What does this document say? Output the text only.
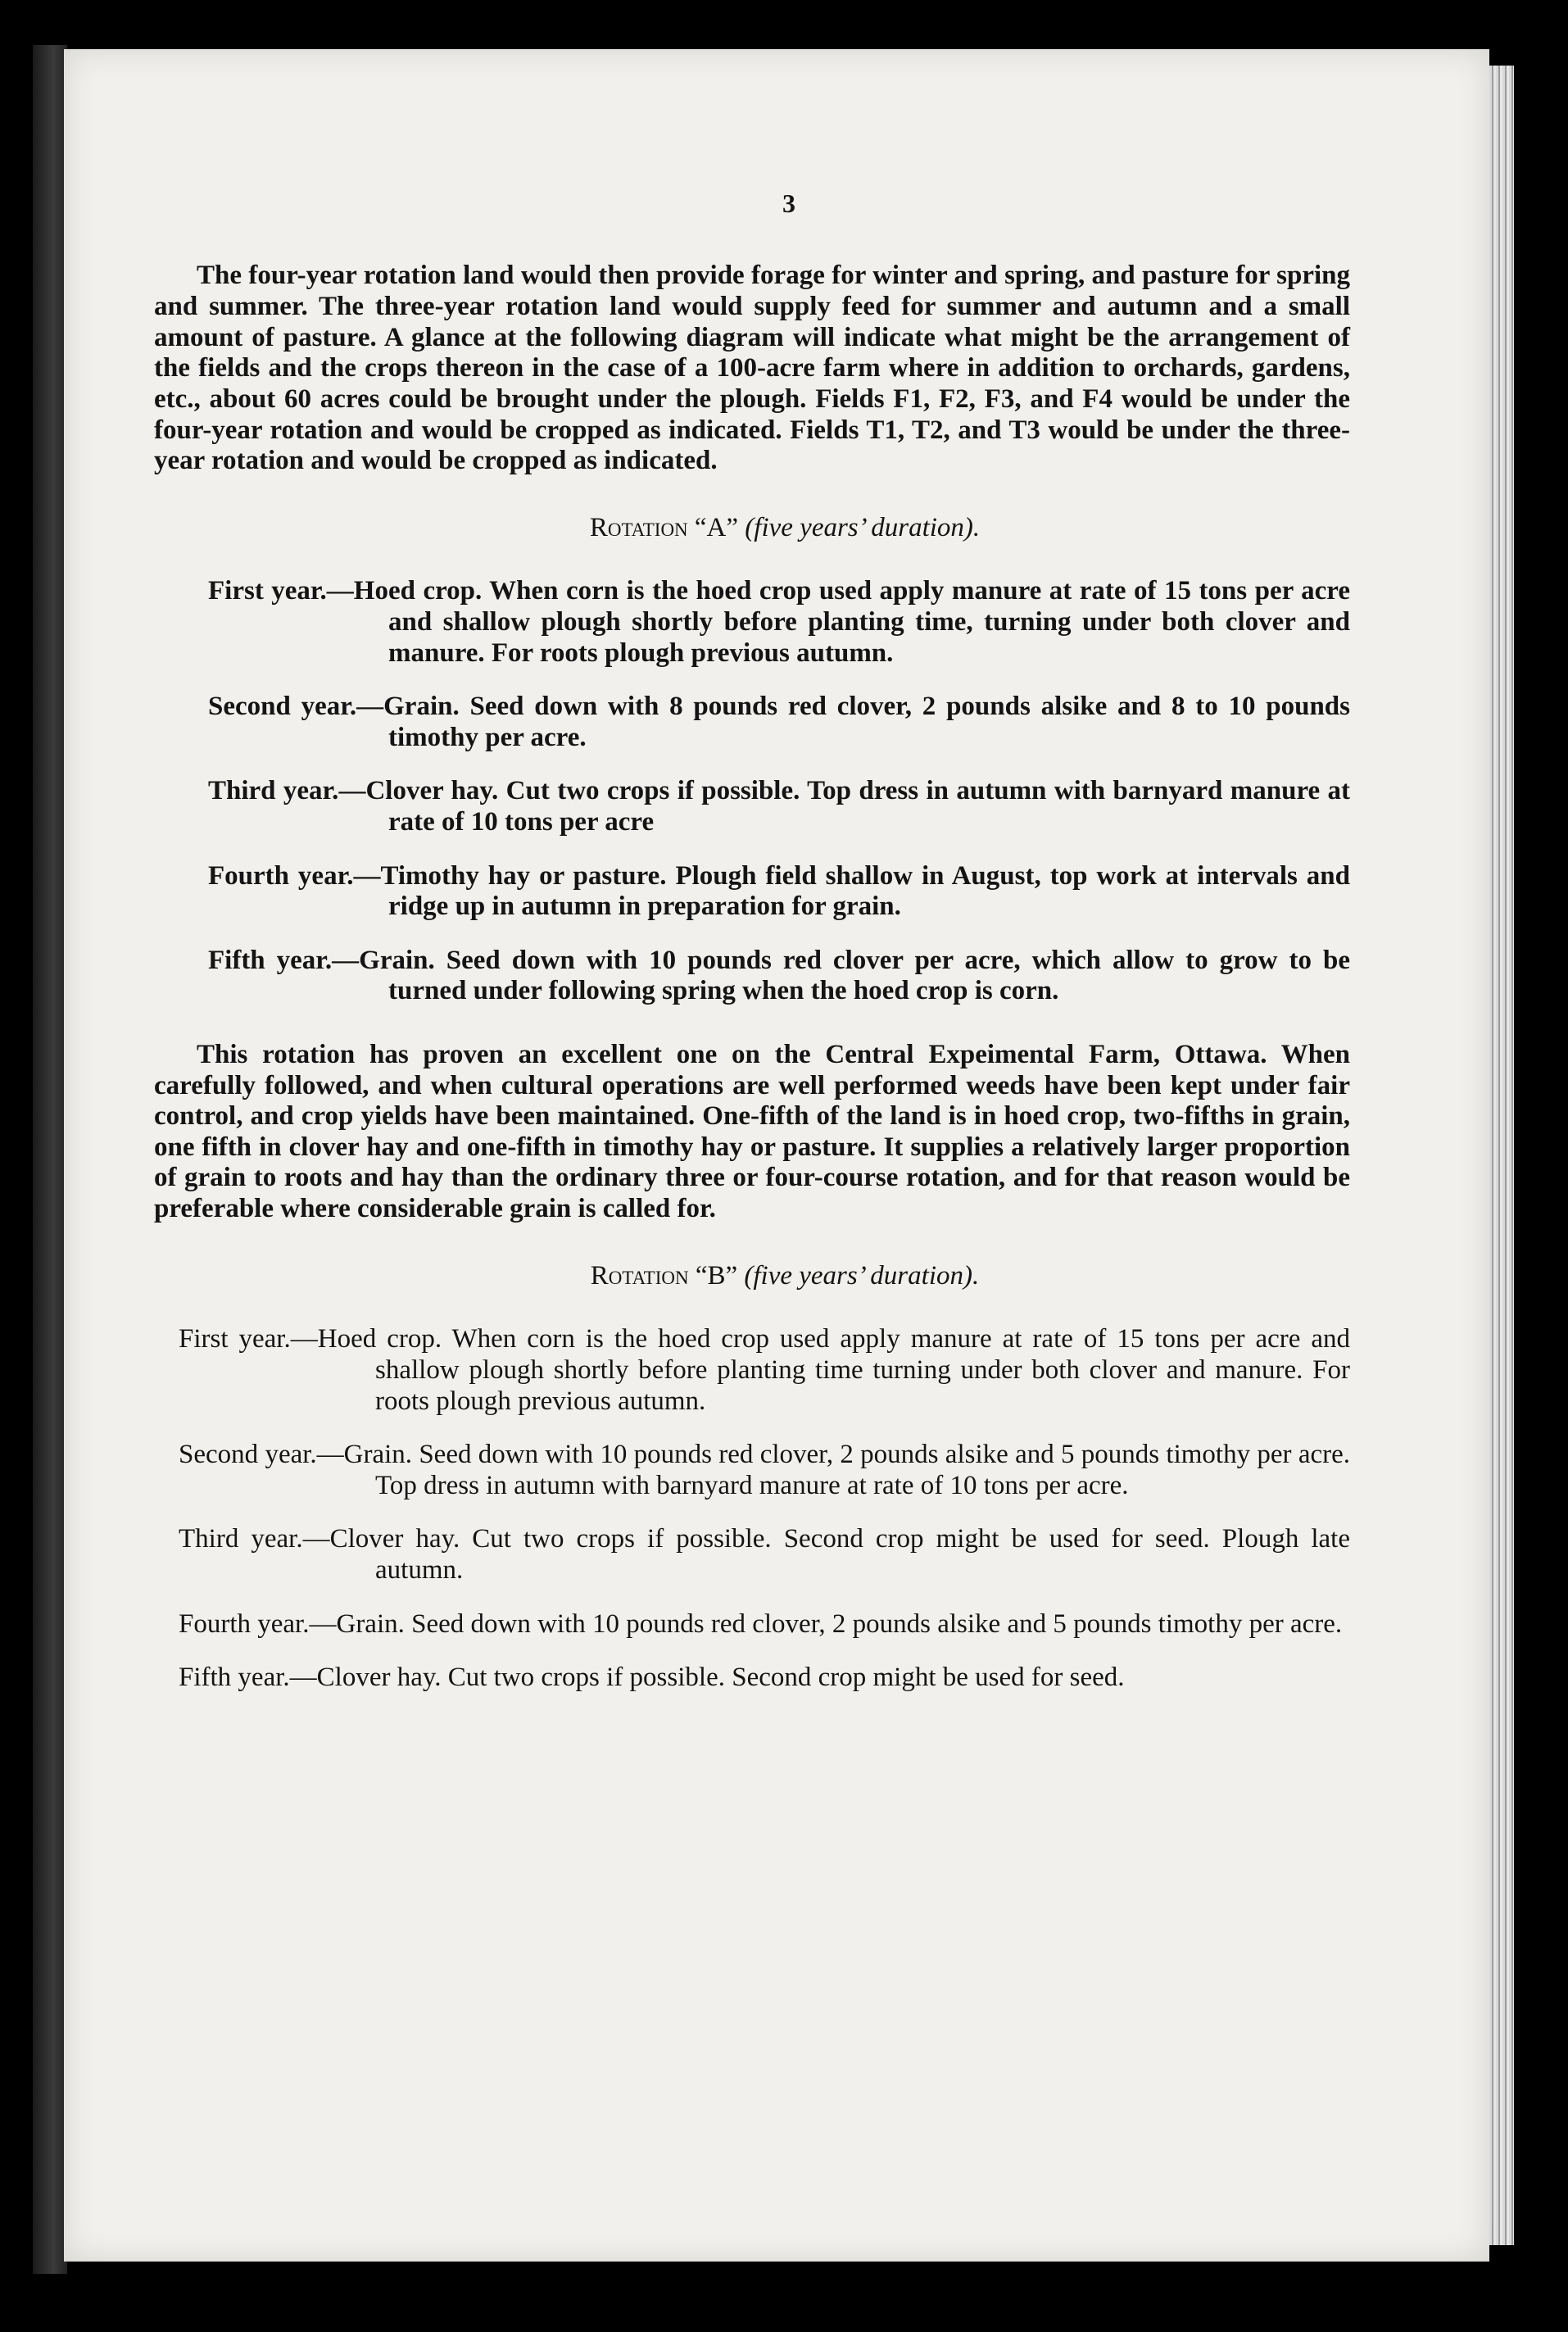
3

The four-year rotation land would then provide forage for winter and spring, and pasture for spring and summer. The three-year rotation land would supply feed for summer and autumn and a small amount of pasture. A glance at the following diagram will indicate what might be the arrangement of the fields and the crops thereon in the case of a 100-acre farm where in addition to orchards, gardens, etc., about 60 acres could be brought under the plough. Fields F1, F2, F3, and F4 would be under the four-year rotation and would be cropped as indicated. Fields T1, T2, and T3 would be under the three-year rotation and would be cropped as indicated.

Rotation “A” (five years’ duration).
First year.—Hoed crop. When corn is the hoed crop used apply manure at rate of 15 tons per acre and shallow plough shortly before planting time, turning under both clover and manure. For roots plough previous autumn.
Second year.—Grain. Seed down with 8 pounds red clover, 2 pounds alsike and 8 to 10 pounds timothy per acre.
Third year.—Clover hay. Cut two crops if possible. Top dress in autumn with barnyard manure at rate of 10 tons per acre
Fourth year.—Timothy hay or pasture. Plough field shallow in August, top work at intervals and ridge up in autumn in preparation for grain.
Fifth year.—Grain. Seed down with 10 pounds red clover per acre, which allow to grow to be turned under following spring when the hoed crop is corn.

This rotation has proven an excellent one on the Central Expeimental Farm, Ottawa. When carefully followed, and when cultural operations are well performed weeds have been kept under fair control, and crop yields have been maintained. One-fifth of the land is in hoed crop, two-fifths in grain, one fifth in clover hay and one-fifth in timothy hay or pasture. It supplies a relatively larger proportion of grain to roots and hay than the ordinary three or four-course rotation, and for that reason would be preferable where considerable grain is called for.

Rotation “B” (five years’ duration).
First year.—Hoed crop. When corn is the hoed crop used apply manure at rate of 15 tons per acre and shallow plough shortly before planting time turning under both clover and manure. For roots plough previous autumn.
Second year.—Grain. Seed down with 10 pounds red clover, 2 pounds alsike and 5 pounds timothy per acre. Top dress in autumn with barnyard manure at rate of 10 tons per acre.
Third year.—Clover hay. Cut two crops if possible. Second crop might be used for seed. Plough late autumn.
Fourth year.—Grain. Seed down with 10 pounds red clover, 2 pounds alsike and 5 pounds timothy per acre.
Fifth year.—Clover hay. Cut two crops if possible. Second crop might be used for seed.
